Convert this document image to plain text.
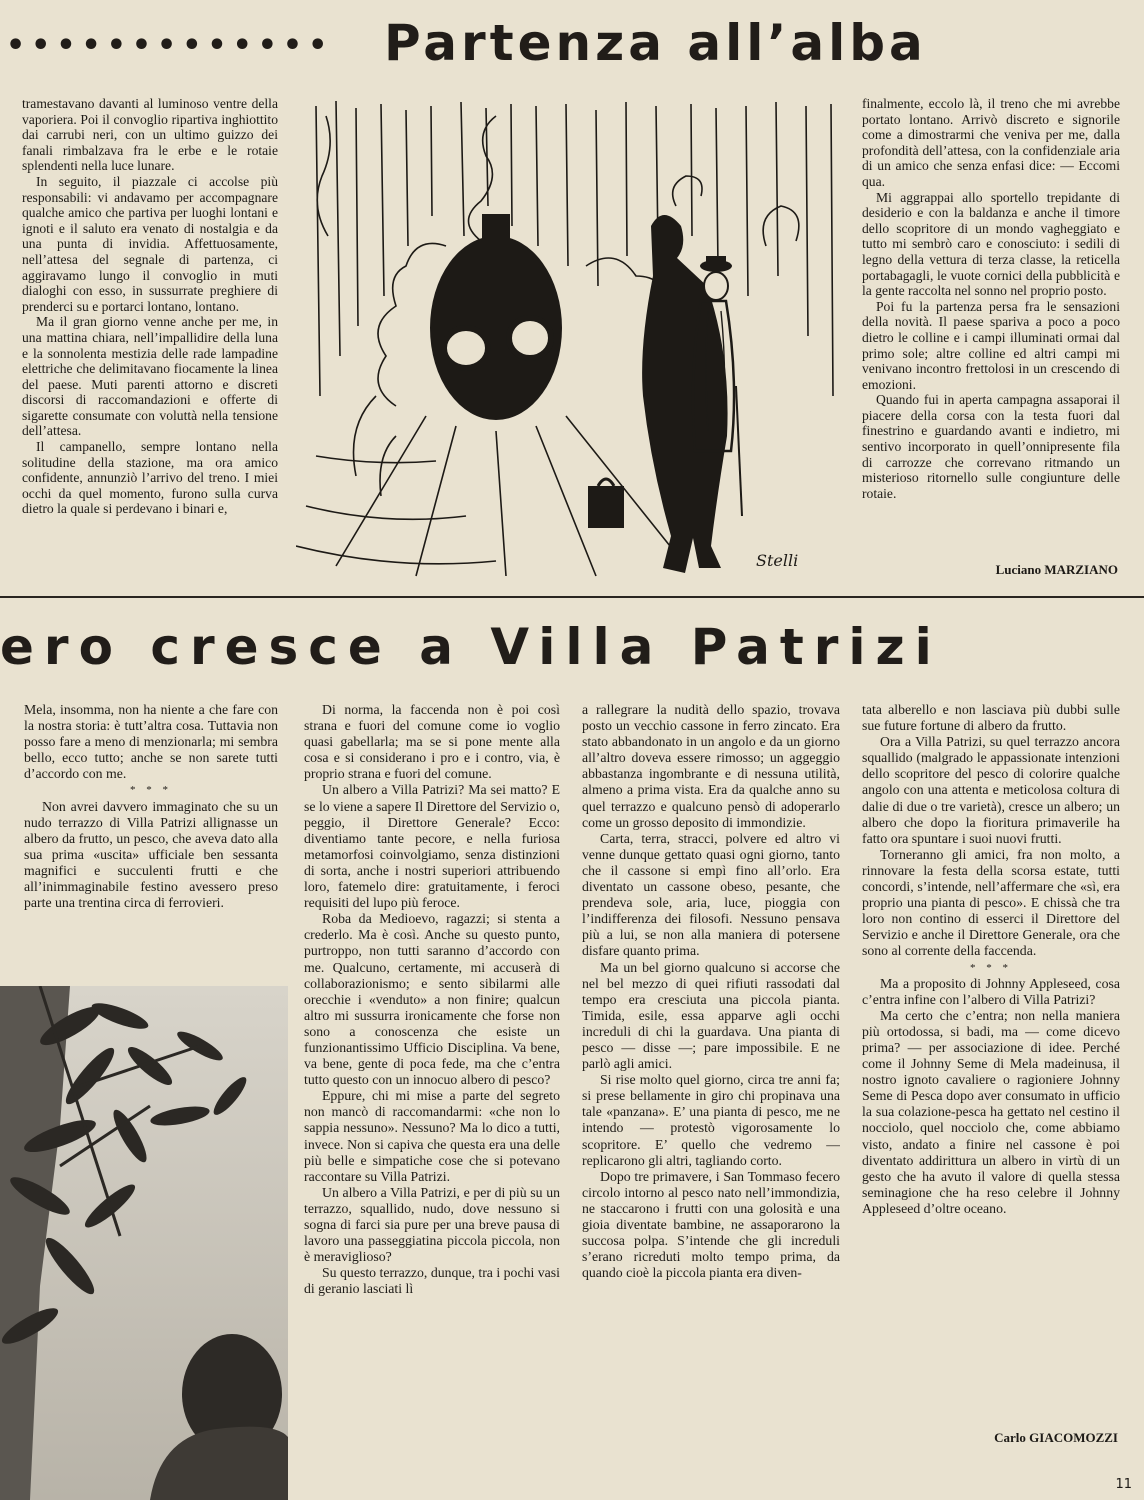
••••••••••••• Partenza all’alba

tramestavano davanti al luminoso ventre della vaporiera. Poi il convoglio ripartiva inghiottito dai carrubi neri, con un ultimo guizzo dei fanali rimbalzava fra le erbe e le rotaie splendenti nella luce lunare.

In seguito, il piazzale ci accolse più responsabili: vi andavamo per accompagnare qualche amico che partiva per luoghi lontani e ignoti e il saluto era venato di nostalgia e da una punta di invidia. Affettuosamente, nell’attesa del segnale di partenza, ci aggiravamo lungo il convoglio in muti dialoghi con esso, in sussurrate preghiere di prenderci su e portarci lontano, lontano.

Ma il gran giorno venne anche per me, in una mattina chiara, nell’impallidire della luna e la sonnolenta mestizia delle rade lampadine elettriche che delimitavano fiocamente la linea del paese. Muti parenti attorno e discreti discorsi di raccomandazioni e offerte di sigarette consumate con voluttà nella tensione dell’attesa.

Il campanello, sempre lontano nella solitudine della stazione, ma ora amico confidente, annunziò l’arrivo del treno. I miei occhi da quel momento, furono sulla curva dietro la quale si perdevano i binari e,

Stelli

finalmente, eccolo là, il treno che mi avrebbe portato lontano. Arrivò discreto e signorile come a dimostrarmi che veniva per me, dalla profondità dell’attesa, con la confidenziale aria di un amico che senza enfasi dice: — Eccomi qua.

Mi aggrappai allo sportello trepidante di desiderio e con la baldanza e anche il timore dello scopritore di un mondo vagheggiato e tutto mi sembrò caro e conosciuto: i sedili di legno della vettura di terza classe, la reticella portabagagli, le vuote cornici della pubblicità e la gente raccolta nel sonno nel proprio posto.

Poi fu la partenza persa fra le sensazioni della novità. Il paese spariva a poco a poco dietro le colline e i campi illuminati ormai dal primo sole; altre colline ed altri campi mi venivano incontro frettolosi in un crescendo di emozioni.

Quando fui in aperta campagna assaporai il piacere della corsa con la testa fuori dal finestrino e guardando avanti e indietro, mi sentivo incorporato in quell’onnipresente fila di carrozze che correvano ritmando un misterioso ritornello sulle congiunture delle rotaie.

Luciano MARZIANO
ero cresce a Villa Patrizi

Mela, insomma, non ha niente a che fare con la nostra storia: è tutt’altra cosa. Tuttavia non posso fare a meno di menzionarla; mi sembra bello, ecco tutto; anche se non sarete tutti d’accordo con me.

* * *

Non avrei davvero immaginato che su un nudo terrazzo di Villa Patrizi allignasse un albero da frutto, un pesco, che aveva dato alla sua prima «uscita» ufficiale ben sessanta magnifici e succulenti frutti e che all’inimmaginabile festino avessero preso parte una trentina circa di ferrovieri.

Di norma, la faccenda non è poi così strana e fuori del comune come io voglio quasi gabellarla; ma se si pone mente alla cosa e si considerano i pro e i contro, via, è proprio strana e fuori del comune.

Un albero a Villa Patrizi? Ma sei matto? E se lo viene a sapere Il Direttore del Servizio o, peggio, il Direttore Generale? Ecco: diventiamo tante pecore, e nella furiosa metamorfosi coinvolgiamo, senza distinzioni di sorta, anche i nostri superiori attribuendo loro, fatemelo dire: gratuitamente, i feroci requisiti del lupo più feroce.

Roba da Medioevo, ragazzi; si stenta a crederlo. Ma è così. Anche su questo punto, purtroppo, non tutti saranno d’accordo con me. Qualcuno, certamente, mi accuserà di collaborazionismo; e sento sibilarmi alle orecchie i «venduto» a non finire; qualcun altro mi sussurra ironicamente che forse non sono a conoscenza che esiste un funzionantissimo Ufficio Disciplina. Va bene, va bene, gente di poca fede, ma che c’entra tutto questo con un innocuo albero di pesco?

Eppure, chi mi mise a parte del segreto non mancò di raccomandarmi: «che non lo sappia nessuno». Nessuno? Ma lo dico a tutti, invece. Non si capiva che questa era una delle più belle e simpatiche cose che si potevano raccontare su Villa Patrizi.

Un albero a Villa Patrizi, e per di più su un terrazzo, squallido, nudo, dove nessuno si sogna di farci sia pure per una breve pausa di lavoro una passeggiatina piccola piccola, non è meraviglioso?

Su questo terrazzo, dunque, tra i pochi vasi di geranio lasciati lì

a rallegrare la nudità dello spazio, trovava posto un vecchio cassone in ferro zincato. Era stato abbandonato in un angolo e da un giorno all’altro doveva essere rimosso; un aggeggio abbastanza ingombrante e di nessuna utilità, almeno a prima vista. Era da qualche anno su quel terrazzo e qualcuno pensò di adoperarlo come un grosso deposito di immondizie.

Carta, terra, stracci, polvere ed altro vi venne dunque gettato quasi ogni giorno, tanto che il cassone si empì fino all’orlo. Era diventato un cassone obeso, pesante, che prendeva sole, aria, luce, pioggia con l’indifferenza dei filosofi. Nessuno pensava più a lui, se non alla maniera di potersene disfare quanto prima.

Ma un bel giorno qualcuno si accorse che nel bel mezzo di quei rifiuti rassodati dal tempo era cresciuta una piccola pianta. Timida, esile, essa apparve agli occhi increduli di chi la guardava. Una pianta di pesco — disse —; pare impossibile. E ne parlò agli amici.

Si rise molto quel giorno, circa tre anni fa; si prese bellamente in giro chi propinava una tale «panzana». E’ una pianta di pesco, me ne intendo — protestò vigorosamente lo scopritore. E’ quello che vedremo — replicarono gli altri, tagliando corto.

Dopo tre primavere, i San Tommaso fecero circolo intorno al pesco nato nell’immondizia, ne staccarono i frutti con una golosità e una gioia diventate bambine, ne assaporarono la succosa polpa. S’intende che gli increduli s’erano ricreduti molto tempo prima, da quando cioè la piccola pianta era diven-

tata alberello e non lasciava più dubbi sulle sue future fortune di albero da frutto.

Ora a Villa Patrizi, su quel terrazzo ancora squallido (malgrado le appassionate intenzioni dello scopritore del pesco di colorire qualche angolo con una attenta e meticolosa coltura di dalie di due o tre varietà), cresce un albero; un albero che dopo la fioritura primaverile ha fatto ora spuntare i suoi nuovi frutti.

Torneranno gli amici, fra non molto, a rinnovare la festa della scorsa estate, tutti concordi, s’intende, nell’affermare che «sì, era proprio una pianta di pesco». E chissà che tra loro non contino di esserci il Direttore del Servizio e anche il Direttore Generale, ora che sono al corrente della faccenda.

* * *

Ma a proposito di Johnny Appleseed, cosa c’entra infine con l’albero di Villa Patrizi?

Ma certo che c’entra; non nella maniera più ortodossa, si badi, ma — come dicevo prima? — per associazione di idee. Perché come il Johnny Seme di Mela madeinusa, il nostro ignoto cavaliere o ragioniere Johnny Seme di Pesca dopo aver consumato in ufficio la sua colazione-pesca ha gettato nel cestino il nocciolo, quel nocciolo che, come abbiamo visto, andato a finire nel cassone è poi diventato addirittura un albero in virtù di un gesto che ha avuto il valore di quella stessa seminagione che ha reso celebre il Johnny Appleseed d’oltre oceano.

Carlo GIACOMOZZI
11
